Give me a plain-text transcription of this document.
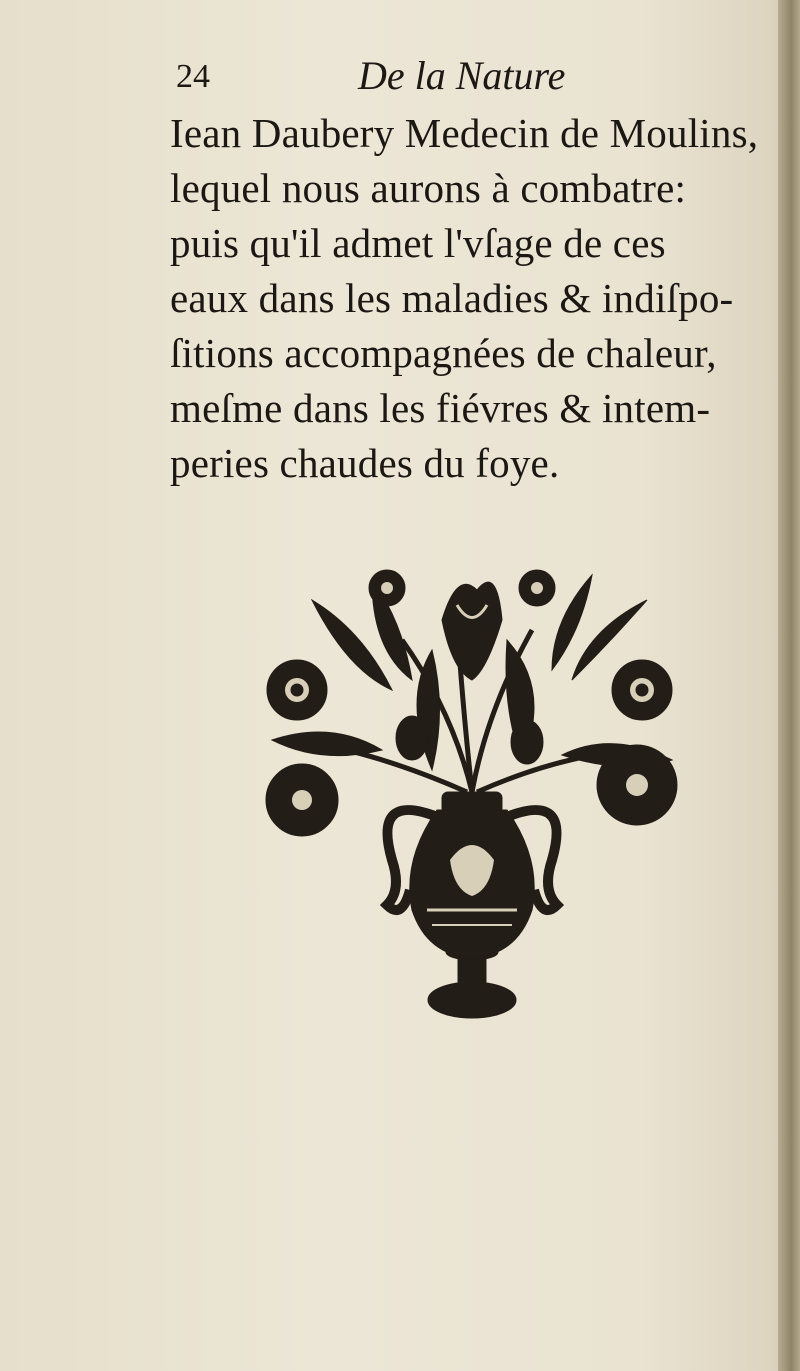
24	De la Nature
Iean Daubery Medecin de Moulins,
lequel nous aurons à combatre:
puis qu'il admet l'vſage de ces
eaux dans les maladies & indiſpo-
ſitions accompagnées de chaleur,
meſme dans les fiévres & intem-
peries chaudes du foye.
